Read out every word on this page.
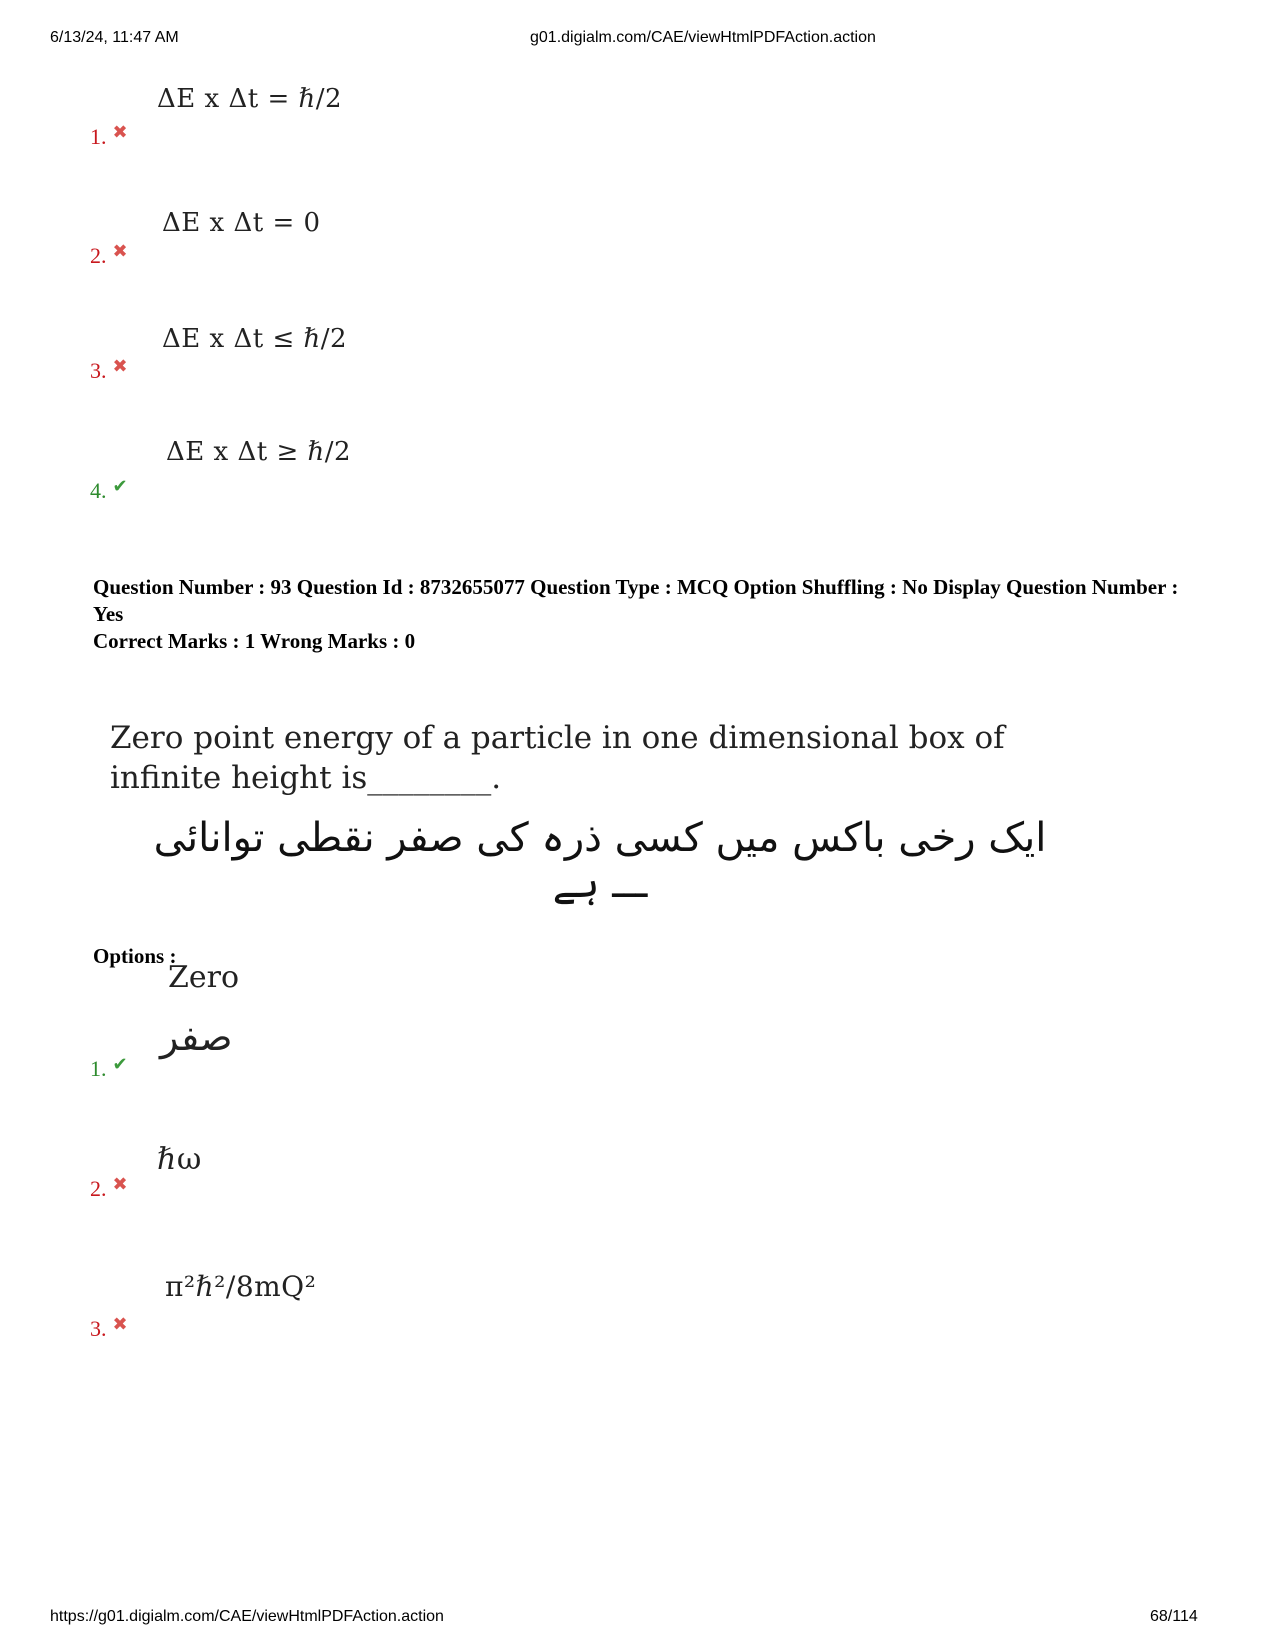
6/13/24, 11:47 AM	g01.digialm.com/CAE/viewHtmlPDFAction.action
ΔE x Δt = ℏ/2
1. ✖
ΔE x Δt = 0
2. ✖
ΔE x Δt ≤ ℏ/2
3. ✖
ΔE x Δt ≥ ℏ/2
4. ✔
Question Number : 93 Question Id : 8732655077 Question Type : MCQ Option Shuffling : No Display Question Number : Yes
Correct Marks : 1 Wrong Marks : 0
Zero point energy of a particle in one dimensional box of infinite height is________.
ایک رخی باکس میں کسی ذرہ کی صفر نقطی توانائی ـــ ہے
Options :
Zero
صفر
1. ✔
ℏω
2. ✖
π²ℏ²/8mQ²
3. ✖
https://g01.digialm.com/CAE/viewHtmlPDFAction.action	68/114
